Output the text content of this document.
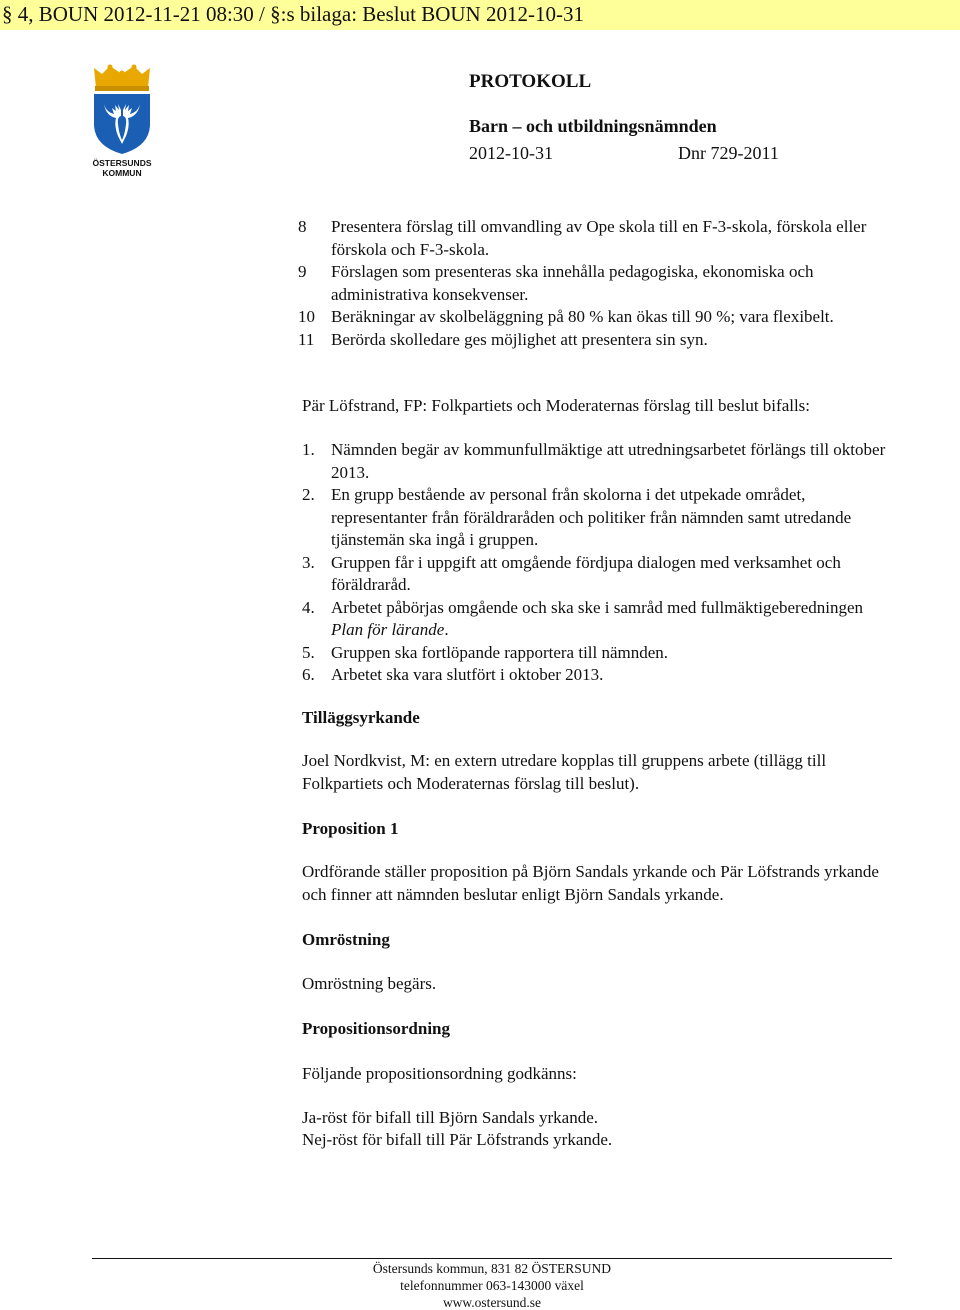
§ 4, BOUN 2012-11-21 08:30 / §:s bilaga: Beslut BOUN 2012-10-31
ÖSTERSUNDS
KOMMUN
PROTOKOLL
Barn – och utbildningsnämnden
2012-10-31	Dnr 729-2011
8	Presentera förslag till omvandling av Ope skola till en F-3-skola, förskola eller förskola och F-3-skola.
9	Förslagen som presenteras ska innehålla pedagogiska, ekonomiska och administrativa konsekvenser.
10 Beräkningar av skolbeläggning på 80 % kan ökas till 90 %; vara flexibelt.
11 Berörda skolledare ges möjlighet att presentera sin syn.
Pär Löfstrand, FP: Folkpartiets och Moderaternas förslag till beslut bifalls:
1. Nämnden begär av kommunfullmäktige att utredningsarbetet förlängs till oktober 2013.
2. En grupp bestående av personal från skolorna i det utpekade området, representanter från föräldraråden och politiker från nämnden samt utredande tjänstemän ska ingå i gruppen.
3. Gruppen får i uppgift att omgående fördjupa dialogen med verksamhet och föräldraråd.
4. Arbetet påbörjas omgående och ska ske i samråd med fullmäktigeberedningen Plan för lärande.
5. Gruppen ska fortlöpande rapportera till nämnden.
6. Arbetet ska vara slutfört i oktober 2013.
Tilläggsyrkande
Joel Nordkvist, M: en extern utredare kopplas till gruppens arbete (tillägg till Folkpartiets och Moderaternas förslag till beslut).
Proposition 1
Ordförande ställer proposition på Björn Sandals yrkande och Pär Löfstrands yrkande och finner att nämnden beslutar enligt Björn Sandals yrkande.
Omröstning
Omröstning begärs.
Propositionsordning
Följande propositionsordning godkänns:
Ja-röst för bifall till Björn Sandals yrkande.
Nej-röst för bifall till Pär Löfstrands yrkande.
Östersunds kommun, 831 82 ÖSTERSUND
telefonnummer 063-143000 växel
www.ostersund.se
